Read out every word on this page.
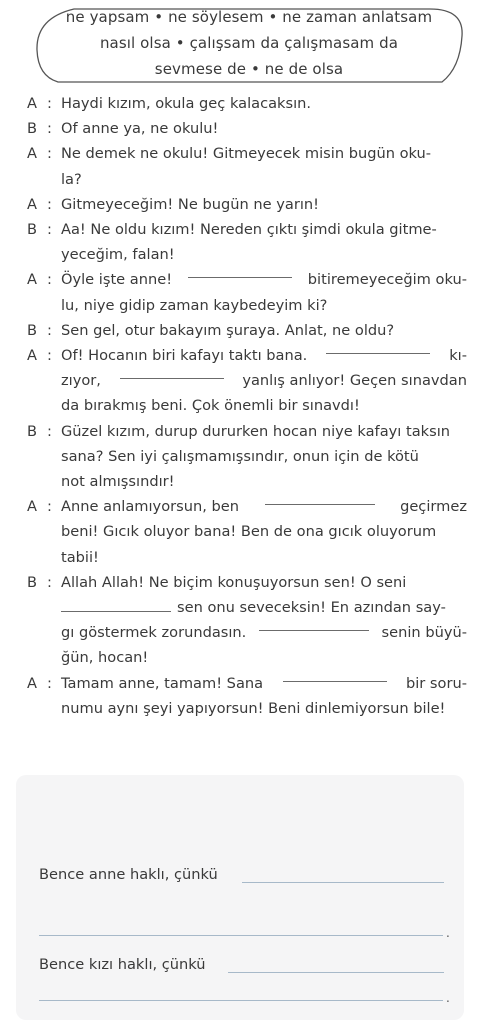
ne yapsam • ne söylesem • ne zaman anlatsam
nasıl olsa • çalışsam da çalışmasam da
sevmese de • ne de olsa
A : Haydi kızım, okula geç kalacaksın.
B : Of anne ya, ne okulu!
A : Ne demek ne okulu! Gitmeyecek misin bugün oku-
la?
A : Gitmeyeceğim! Ne bugün ne yarın!
B : Aa! Ne oldu kızım! Nereden çıktı şimdi okula gitme-
yeceğim, falan!
A : Öyle işte anne!	bitiremeyeceğim oku-
lu, niye gidip zaman kaybedeyim ki?
B : Sen gel, otur bakayım şuraya. Anlat, ne oldu?
A : Of! Hocanın biri kafayı taktı bana.	kı-
zıyor,	yanlış anlıyor! Geçen sınavdan
da bırakmış beni. Çok önemli bir sınavdı!
B : Güzel kızım, durup dururken hocan niye kafayı taksın
sana? Sen iyi çalışmamışsındır, onun için de kötü
not almışsındır!
A : Anne anlamıyorsun, ben	geçirmez
beni! Gıcık oluyor bana! Ben de ona gıcık oluyorum
tabii!
B : Allah Allah! Ne biçim konuşuyorsun sen! O seni
sen onu seveceksin! En azından say-
gı göstermek zorundasın.	senin büyü-
ğün, hocan!
A : Tamam anne, tamam! Sana	bir soru-
numu aynı şeyi yapıyorsun! Beni dinlemiyorsun bile!
Bence anne haklı, çünkü
.
Bence kızı haklı, çünkü
.
